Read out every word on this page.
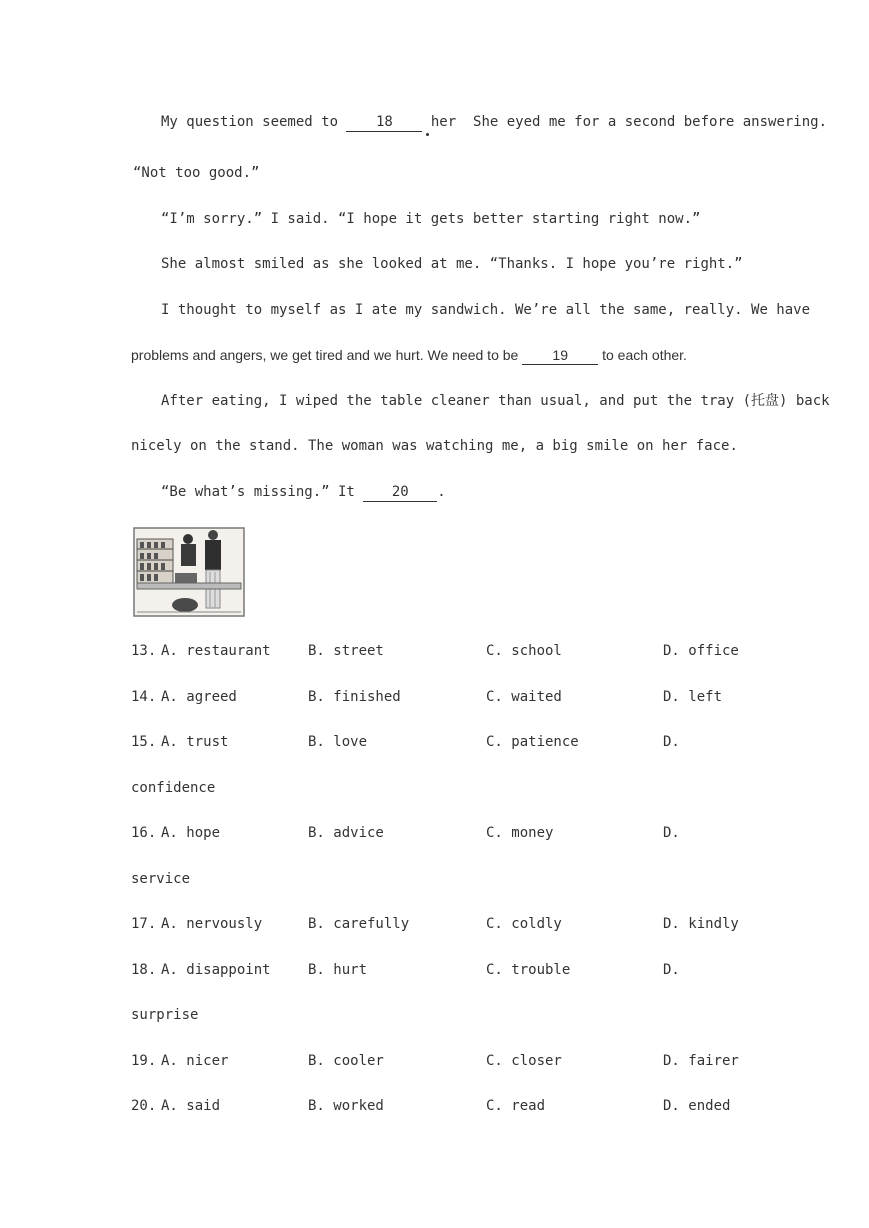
My question seemed to 18 her  She eyed me for a second before answering.
“Not too good.”
“I’m sorry.” I said. “I hope it gets better starting right now.”
She almost smiled as she looked at me. “Thanks. I hope you’re right.”
I thought to myself as I ate my sandwich. We’re all the same, really. We have
problems and angers, we get tired and we hurt. We need to be 19 to each other.
After eating, I wiped the table cleaner than usual, and put the tray (托盘) back
nicely on the stand. The woman was watching me, a big smile on her face.
“Be what’s missing.” It 20 .
13. A. restaurant	B. street	C. school	D. office
14. A. agreed	B. finished	C. waited	D. left
15. A. trust	B. love	C. patience	D.
confidence
16. A. hope	B. advice	C. money	D.
service
17. A. nervously	B. carefully	C. coldly	D. kindly
18. A. disappoint	B. hurt	C. trouble	D.
surprise
19. A. nicer	B. cooler	C. closer	D. fairer
20. A. said	B. worked	C. read	D. ended
